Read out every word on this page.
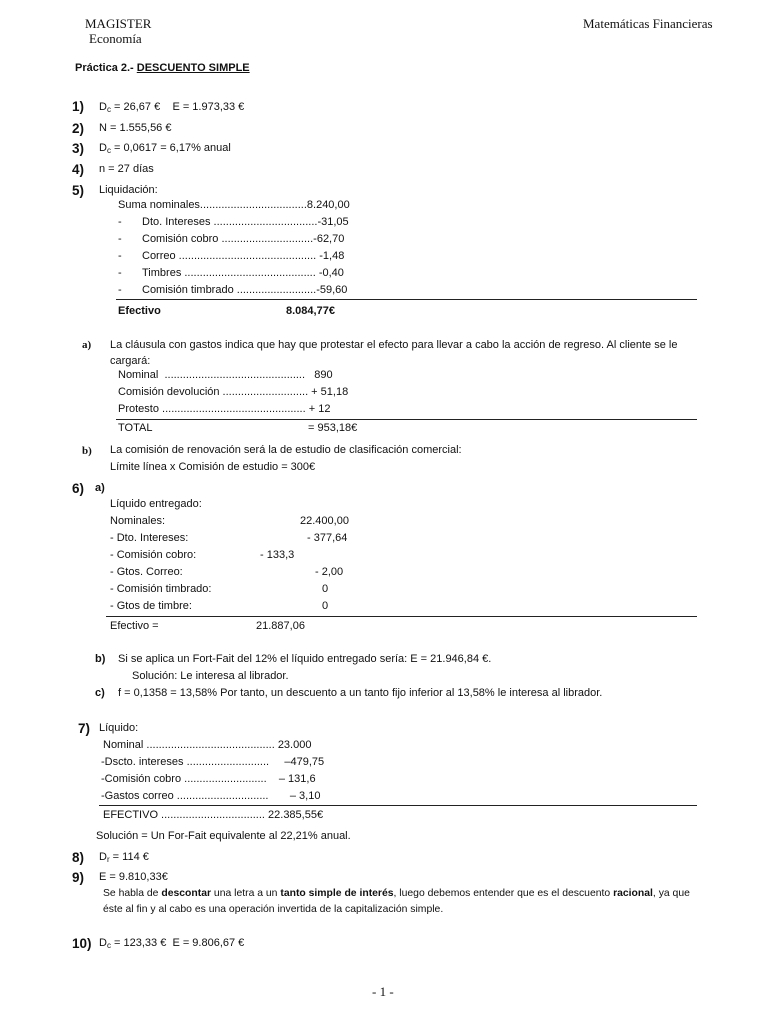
MAGISTER
Economía
Matemáticas Financieras
Práctica 2.- DESCUENTO SIMPLE
1) $D_c = 26,67$ € E = 1.973,33 €
2) N = 1.555,56 €
3) $D_c = 0,0617 = 6,17\%$ anual
4) n = 27 días
5) Liquidación:
Suma nominales...................................8.240,00
- Dto. Intereses ..................................-31,05
- Comisión cobro ..............................-62,70
- Correo ............................................. -1,48
- Timbres ........................................... -0,40
- Comisión timbrado ..........................-59,60
Efectivo	8.084,77€
a) La cláusula con gastos indica que hay que protestar el efecto para llevar a cabo la acción de regreso. Al cliente se le cargará:
Nominal  ..............................................   890
Comisión devolución ............................ + 51,18
Protesto ............................................... + 12
TOTAL	= 953,18€
b) La comisión de renovación será la de estudio de clasificación comercial:
Límite línea x Comisión de estudio = 300€
6) a)
Líquido entregado:
Nominales:	22.400,00
- Dto. Intereses:	- 377,64
- Comisión cobro:	- 133,3
- Gtos. Correo:	- 2,00
- Comisión timbrado:	0
- Gtos de timbre:	0
Efectivo =	21.887,06
b) Si se aplica un Fort-Fait del 12% el líquido entregado sería: E = 21.946,84 €.
Solución: Le interesa al librador.
c) f = 0,1358 = 13,58% Por tanto, un descuento a un tanto fijo inferior al 13,58% le interesa al librador.
7) Líquido:
Nominal .......................................... 23.000
-Dscto. intereses ...........................     –479,75
-Comisión cobro ...........................    – 131,6
-Gastos correo ..............................       – 3,10
EFECTIVO .................................. 22.385,55€
Solución = Un For-Fait equivalente al 22,21% anual.
8) $D_r = 114$ €
9) E = 9.810,33€
Se habla de descontar una letra a un tanto simple de interés, luego debemos entender que es el descuento racional, ya que éste al fin y al cabo es una operación invertida de la capitalización simple.
10) $D_c = 123,33$ € E = 9.806,67 €
- 1 -
